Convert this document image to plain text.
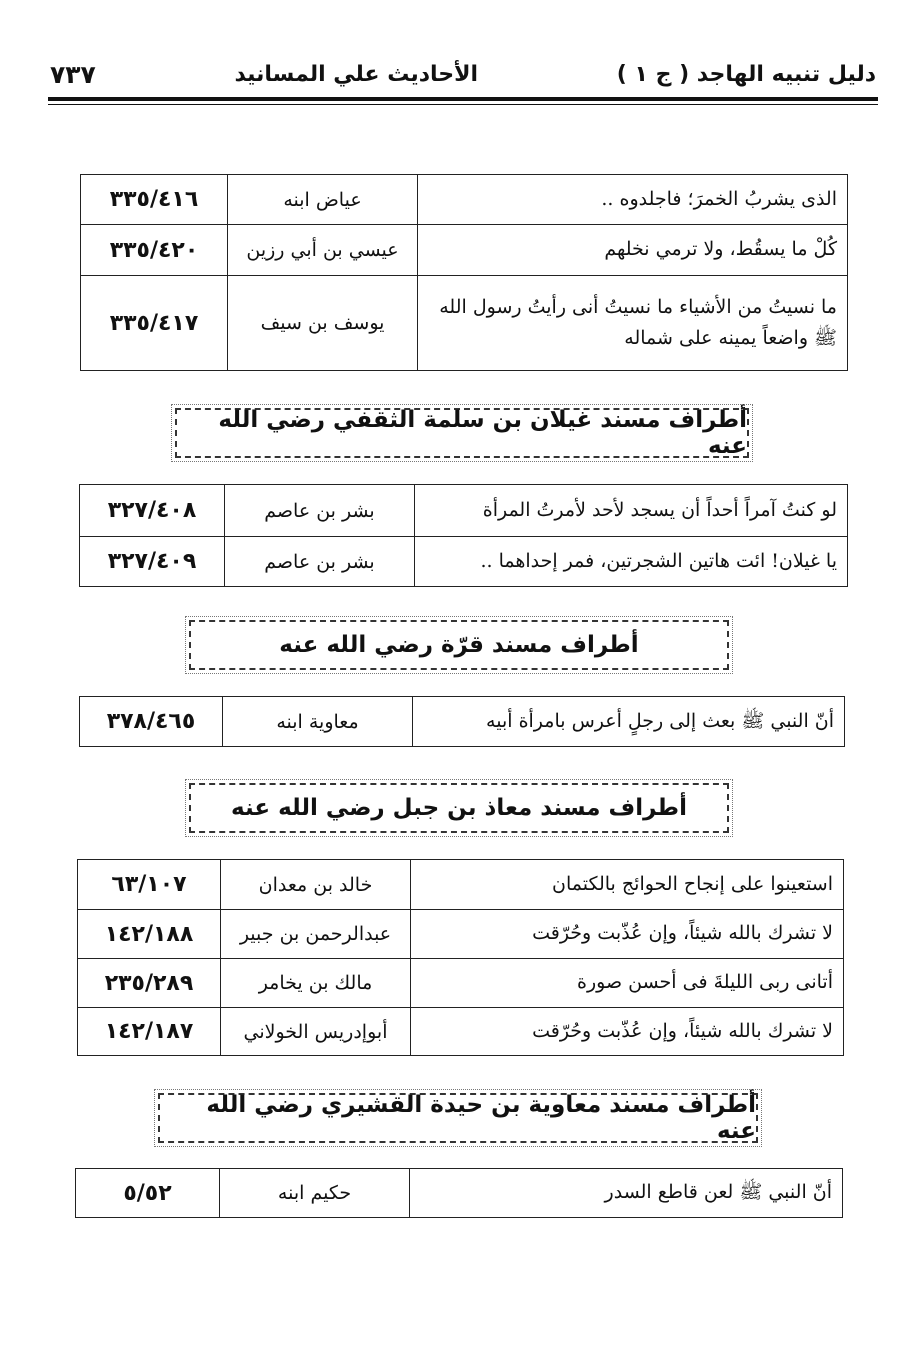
دليل تنبيه الهاجد ( ج ١ )
الأحاديث علي المسانيد
٧٣٧
الذى يشربُ الخمرَ؛ فاجلدوه ..	عياض ابنه	٣٣٥/٤١٦
كُلْ ما يسقُط، ولا ترمي نخلهم	عيسي بن أبي رزين	٣٣٥/٤٢٠
ما نسيتُ من الأشياء ما نسيتُ أنى رأيتُ رسول الله ﷺ واضعاً يمينه على شماله	يوسف بن سيف	٣٣٥/٤١٧
أطراف مسند غيلان بن سلمة الثقفي رضي الله عنه
لو كنتُ آمراً أحداً أن يسجد لأحد لأمرتُ المرأة	بشر بن عاصم	٣٢٧/٤٠٨
يا غيلان! ائت هاتين الشجرتين، فمر إحداهما ..	بشر بن عاصم	٣٢٧/٤٠٩
أطراف مسند قرّة رضي الله عنه
أنّ النبي ﷺ بعث إلى رجلٍ أعرس بامرأة أبيه	معاوية ابنه	٣٧٨/٤٦٥
أطراف مسند معاذ بن جبل رضي الله عنه
استعينوا على إنجاح الحوائج بالكتمان	خالد بن معدان	٦٣/١٠٧
لا تشرك بالله شيئاً، وإن عُذّبت وحُرّقت	عبدالرحمن بن جبير	١٤٢/١٨٨
أتانى ربى الليلةَ فى أحسن صورة	مالك بن يخامر	٢٣٥/٢٨٩
لا تشرك بالله شيئاً، وإن عُذّبت وحُرّقت	أبوإدريس الخولاني	١٤٢/١٨٧
أطراف مسند معاوية بن حيدة القشيري رضي الله عنه
أنّ النبي ﷺ لعن قاطع السدر	حكيم ابنه	٥/٥٢
